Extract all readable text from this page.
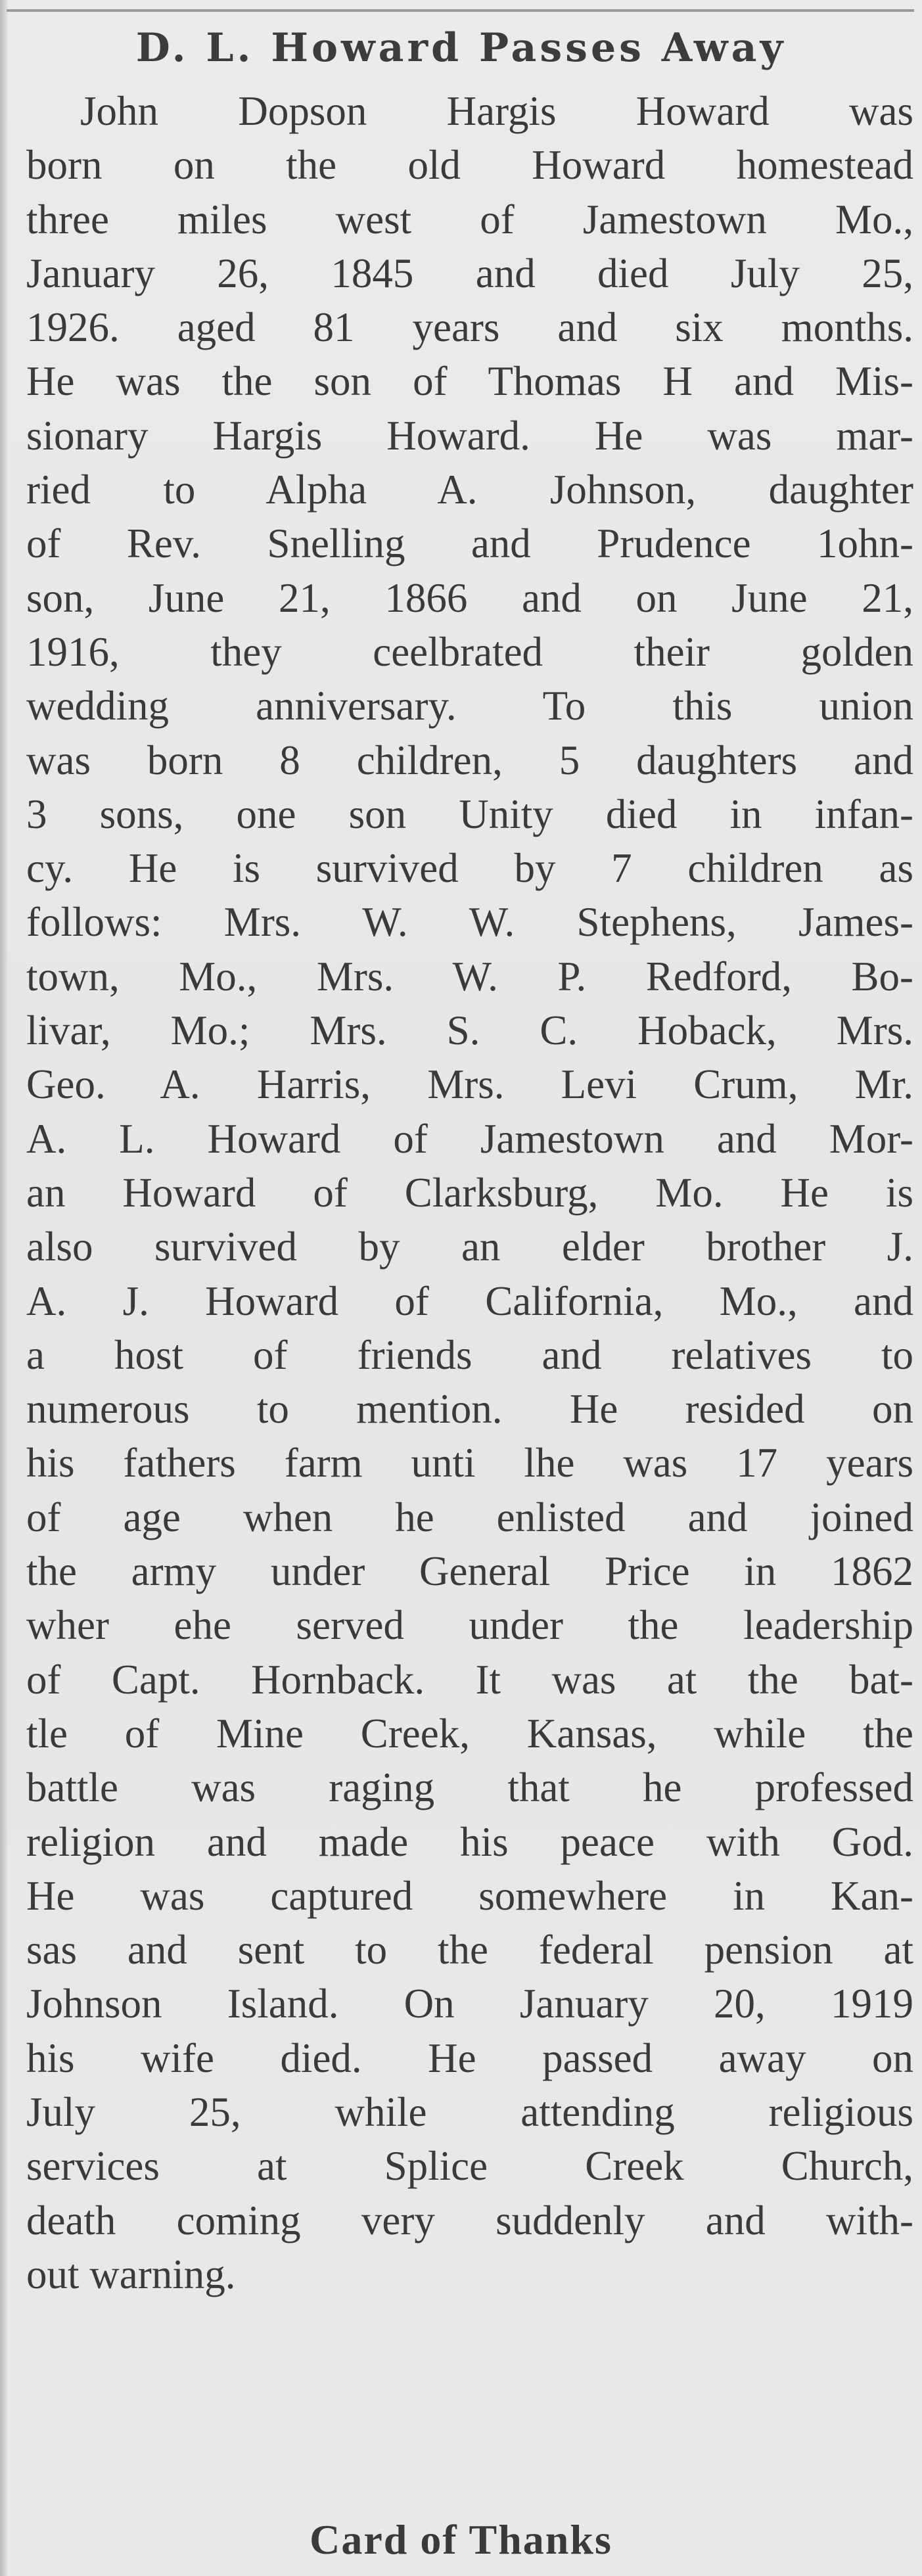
D. L. Howard Passes Away
John Dopson Hargis Howard was
born on the old Howard homestead
three miles west of Jamestown Mo.,
January 26, 1845 and died July 25,
1926. aged 81 years and six months.
He was the son of Thomas H and Mis-
sionary Hargis Howard. He was mar-
ried to Alpha A. Johnson, daughter
of Rev. Snelling and Prudence 1ohn-
son, June 21, 1866 and on June 21,
1916, they ceelbrated their golden
wedding anniversary. To this union
was born 8 children, 5 daughters and
3 sons, one son Unity died in infan-
cy. He is survived by 7 children as
follows: Mrs. W. W. Stephens, James-
town, Mo., Mrs. W. P. Redford, Bo-
livar, Mo.; Mrs. S. C. Hoback, Mrs.
Geo. A. Harris, Mrs. Levi Crum, Mr.
A. L. Howard of Jamestown and Mor-
an Howard of Clarksburg, Mo. He is
also survived by an elder brother J.
A. J. Howard of California, Mo., and
a host of friends and relatives to
numerous to mention. He resided on
his fathers farm unti lhe was 17 years
of age when he enlisted and joined
the army under General Price in 1862
wher ehe served under the leadership
of Capt. Hornback. It was at the bat-
tle of Mine Creek, Kansas, while the
battle was raging that he professed
religion and made his peace with God.
He was captured somewhere in Kan-
sas and sent to the federal pension at
Johnson Island. On January 20, 1919
his wife died. He passed away on
July 25, while attending religious
services at Splice Creek Church,
death coming very suddenly and with-
out warning.
Card of Thanks
